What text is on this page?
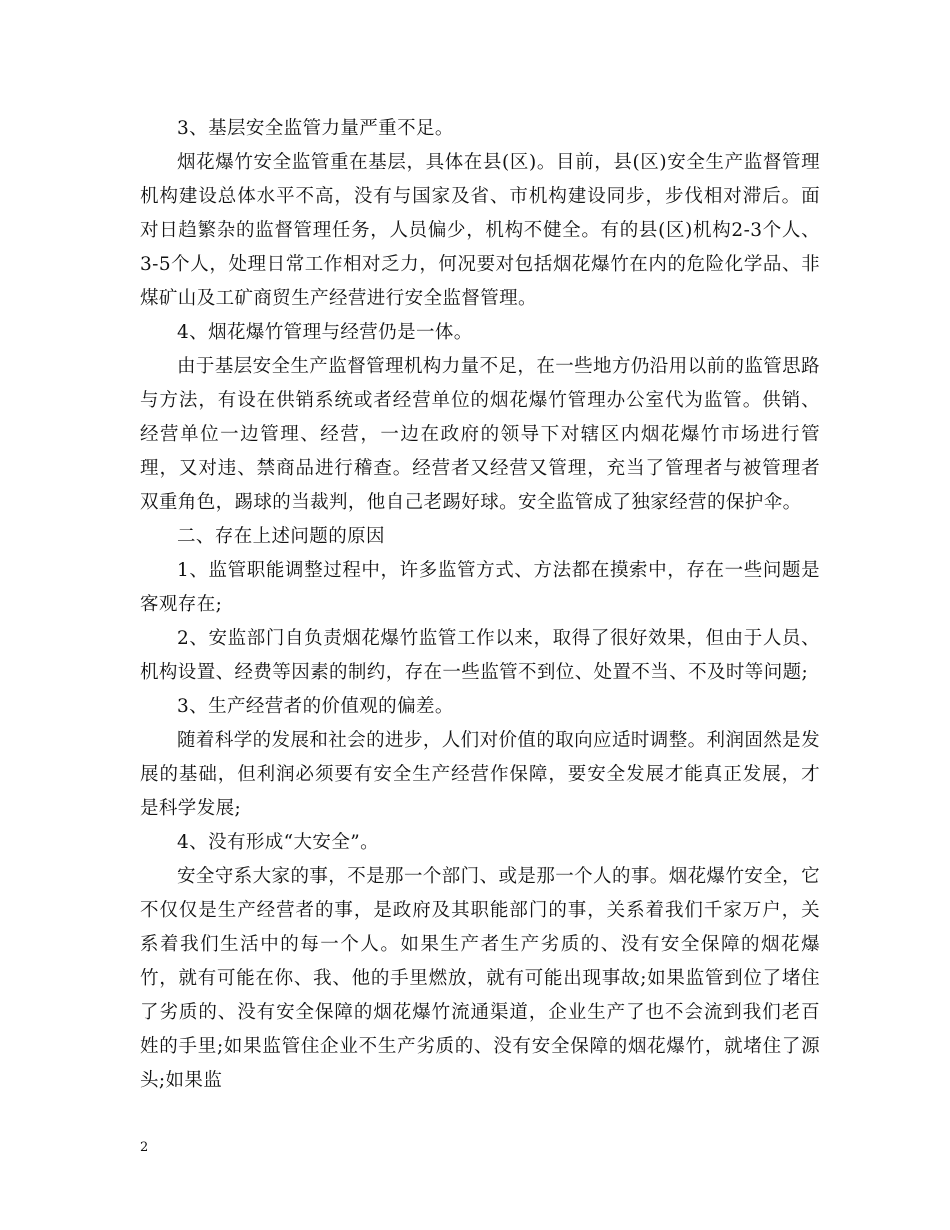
3、基层安全监管力量严重不足。

烟花爆竹安全监管重在基层，具体在县(区)。目前，县(区)安全生产监督管理机构建设总体水平不高，没有与国家及省、市机构建设同步，步伐相对滞后。面对日趋繁杂的监督管理任务，人员偏少，机构不健全。有的县(区)机构2-3个人、3-5个人，处理日常工作相对乏力，何况要对包括烟花爆竹在内的危险化学品、非煤矿山及工矿商贸生产经营进行安全监督管理。

4、烟花爆竹管理与经营仍是一体。

由于基层安全生产监督管理机构力量不足，在一些地方仍沿用以前的监管思路与方法，有设在供销系统或者经营单位的烟花爆竹管理办公室代为监管。供销、经营单位一边管理、经营，一边在政府的领导下对辖区内烟花爆竹市场进行管理，又对违、禁商品进行稽查。经营者又经营又管理，充当了管理者与被管理者双重角色，踢球的当裁判，他自己老踢好球。安全监管成了独家经营的保护伞。

二、存在上述问题的原因

1、监管职能调整过程中，许多监管方式、方法都在摸索中，存在一些问题是客观存在;

2、安监部门自负责烟花爆竹监管工作以来，取得了很好效果，但由于人员、机构设置、经费等因素的制约，存在一些监管不到位、处置不当、不及时等问题;

3、生产经营者的价值观的偏差。

随着科学的发展和社会的进步，人们对价值的取向应适时调整。利润固然是发展的基础，但利润必须要有安全生产经营作保障，要安全发展才能真正发展，才是科学发展;

4、没有形成“大安全”。

安全守系大家的事，不是那一个部门、或是那一个人的事。烟花爆竹安全，它不仅仅是生产经营者的事，是政府及其职能部门的事，关系着我们千家万户，关系着我们生活中的每一个人。如果生产者生产劣质的、没有安全保障的烟花爆竹，就有可能在你、我、他的手里燃放，就有可能出现事故;如果监管到位了堵住了劣质的、没有安全保障的烟花爆竹流通渠道，企业生产了也不会流到我们老百姓的手里;如果监管住企业不生产劣质的、没有安全保障的烟花爆竹，就堵住了源头;如果监

2
